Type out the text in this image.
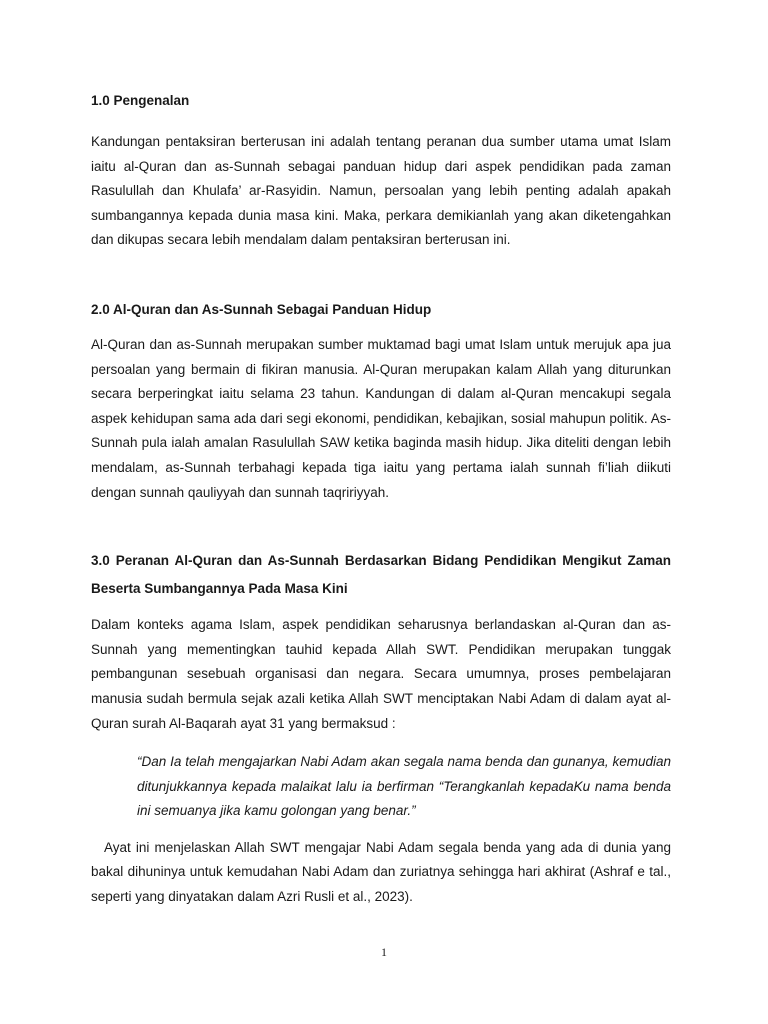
1.0 Pengenalan

Kandungan pentaksiran berterusan ini adalah tentang peranan dua sumber utama umat Islam iaitu al-Quran dan as-Sunnah sebagai panduan hidup dari aspek pendidikan pada zaman Rasulullah dan Khulafa’ ar-Rasyidin. Namun, persoalan yang lebih penting adalah apakah sumbangannya kepada dunia masa kini. Maka, perkara demikianlah yang akan diketengahkan dan dikupas secara lebih mendalam dalam pentaksiran berterusan ini.

2.0 Al-Quran dan As-Sunnah Sebagai Panduan Hidup

Al-Quran dan as-Sunnah merupakan sumber muktamad bagi umat Islam untuk merujuk apa jua persoalan yang bermain di fikiran manusia. Al-Quran merupakan kalam Allah yang diturunkan secara berperingkat iaitu selama 23 tahun. Kandungan di dalam al-Quran mencakupi segala aspek kehidupan sama ada dari segi ekonomi, pendidikan, kebajikan, sosial mahupun politik. As-Sunnah pula ialah amalan Rasulullah SAW ketika baginda masih hidup. Jika diteliti dengan lebih mendalam, as-Sunnah terbahagi kepada tiga iaitu yang pertama ialah sunnah fi’liah diikuti dengan sunnah qauliyyah dan sunnah taqririyyah.

3.0 Peranan Al-Quran dan As-Sunnah Berdasarkan Bidang Pendidikan Mengikut Zaman Beserta Sumbangannya Pada Masa Kini

Dalam konteks agama Islam, aspek pendidikan seharusnya berlandaskan al-Quran dan as-Sunnah yang mementingkan tauhid kepada Allah SWT. Pendidikan merupakan tunggak pembangunan sesebuah organisasi dan negara. Secara umumnya, proses pembelajaran manusia sudah bermula sejak azali ketika Allah SWT menciptakan Nabi Adam di dalam ayat al-Quran surah Al-Baqarah ayat 31 yang bermaksud :

“Dan Ia telah mengajarkan Nabi Adam akan segala nama benda dan gunanya, kemudian ditunjukkannya kepada malaikat lalu ia berfirman “Terangkanlah kepadaKu nama benda ini semuanya jika kamu golongan yang benar.”

Ayat ini menjelaskan Allah SWT mengajar Nabi Adam segala benda yang ada di dunia yang bakal dihuninya untuk kemudahan Nabi Adam dan zuriatnya sehingga hari akhirat (Ashraf e tal., seperti yang dinyatakan dalam Azri Rusli et al., 2023).

1
